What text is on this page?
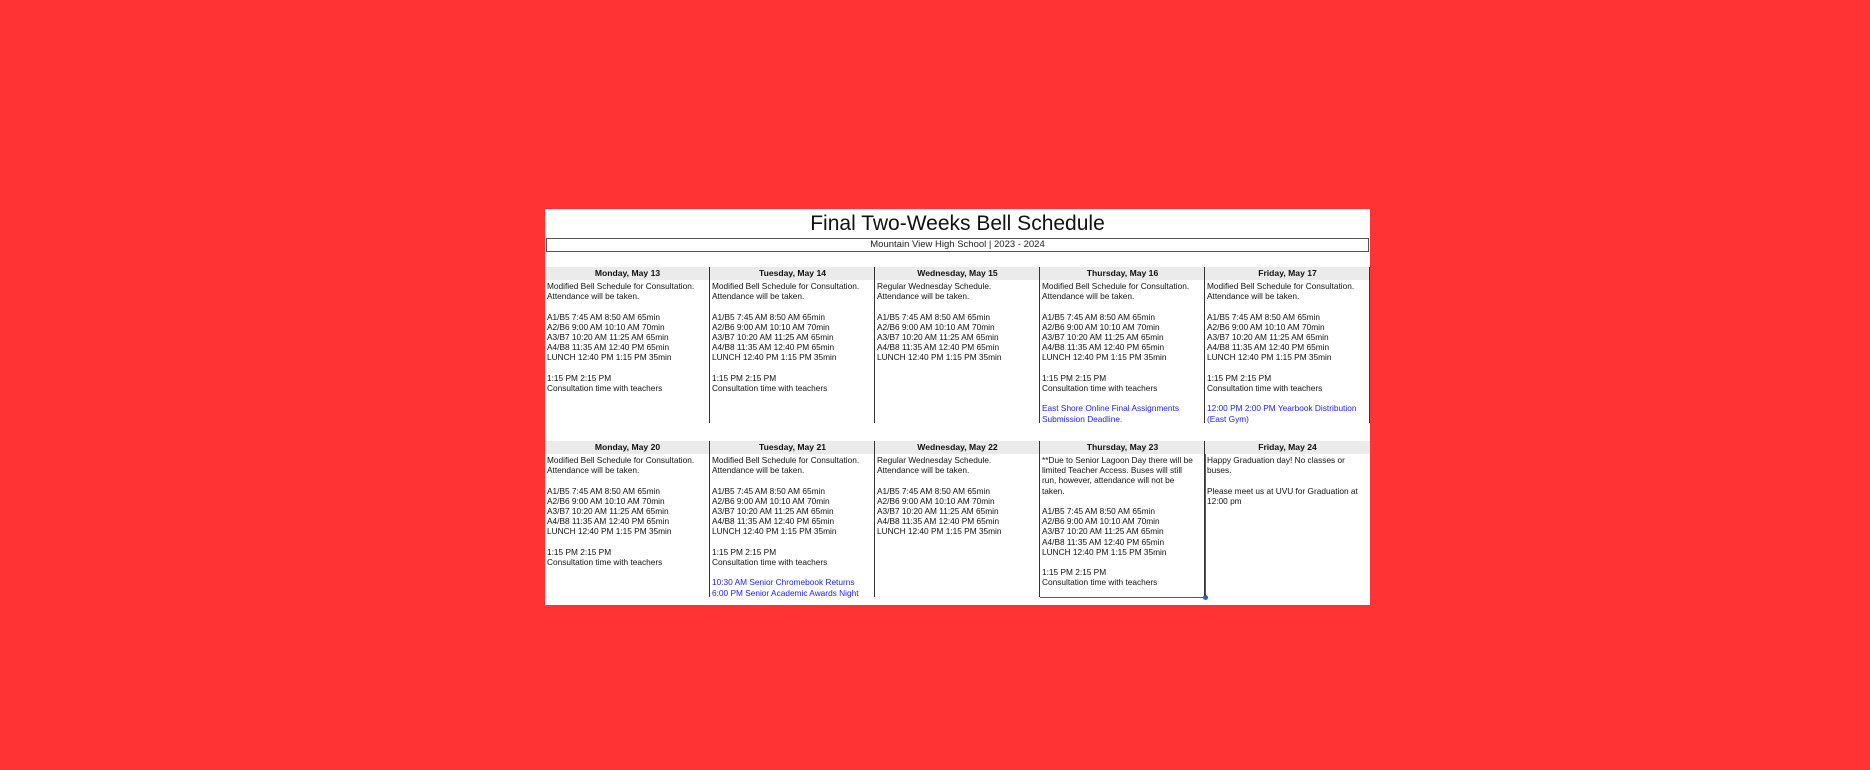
Final Two-Weeks Bell Schedule
Mountain View High School | 2023 - 2024
Monday, May 13
Modified Bell Schedule for Consultation.
Attendance will be taken.
A1/B5 7:45 AM 8:50 AM 65min
A2/B6 9:00 AM 10:10 AM 70min
A3/B7 10:20 AM 11:25 AM 65min
A4/B8 11:35 AM 12:40 PM 65min
LUNCH 12:40 PM 1:15 PM 35min
1:15 PM 2:15 PM
Consultation time with teachers
Tuesday, May 14
Modified Bell Schedule for Consultation.
Attendance will be taken.
A1/B5 7:45 AM 8:50 AM 65min
A2/B6 9:00 AM 10:10 AM 70min
A3/B7 10:20 AM 11:25 AM 65min
A4/B8 11:35 AM 12:40 PM 65min
LUNCH 12:40 PM 1:15 PM 35min
1:15 PM 2:15 PM
Consultation time with teachers
Wednesday, May 15
Regular Wednesday Schedule.
Attendance will be taken.
A1/B5 7:45 AM 8:50 AM 65min
A2/B6 9:00 AM 10:10 AM 70min
A3/B7 10:20 AM 11:25 AM 65min
A4/B8 11:35 AM 12:40 PM 65min
LUNCH 12:40 PM 1:15 PM 35min
Thursday, May 16
Modified Bell Schedule for Consultation.
Attendance will be taken.
A1/B5 7:45 AM 8:50 AM 65min
A2/B6 9:00 AM 10:10 AM 70min
A3/B7 10:20 AM 11:25 AM 65min
A4/B8 11:35 AM 12:40 PM 65min
LUNCH 12:40 PM 1:15 PM 35min
1:15 PM 2:15 PM
Consultation time with teachers
East Shore Online Final Assignments
Submission Deadline.
Friday, May 17
Modified Bell Schedule for Consultation.
Attendance will be taken.
A1/B5 7:45 AM 8:50 AM 65min
A2/B6 9:00 AM 10:10 AM 70min
A3/B7 10:20 AM 11:25 AM 65min
A4/B8 11:35 AM 12:40 PM 65min
LUNCH 12:40 PM 1:15 PM 35min
1:15 PM 2:15 PM
Consultation time with teachers
12:00 PM 2:00 PM Yearbook Distribution
(East Gym)
Monday, May 20
Modified Bell Schedule for Consultation.
Attendance will be taken.
A1/B5 7:45 AM 8:50 AM 65min
A2/B6 9:00 AM 10:10 AM 70min
A3/B7 10:20 AM 11:25 AM 65min
A4/B8 11:35 AM 12:40 PM 65min
LUNCH 12:40 PM 1:15 PM 35min
1:15 PM 2:15 PM
Consultation time with teachers
Tuesday, May 21
Modified Bell Schedule for Consultation.
Attendance will be taken.
A1/B5 7:45 AM 8:50 AM 65min
A2/B6 9:00 AM 10:10 AM 70min
A3/B7 10:20 AM 11:25 AM 65min
A4/B8 11:35 AM 12:40 PM 65min
LUNCH 12:40 PM 1:15 PM 35min
1:15 PM 2:15 PM
Consultation time with teachers
10:30 AM Senior Chromebook Returns
6:00 PM Senior Academic Awards Night
Wednesday, May 22
Regular Wednesday Schedule.
Attendance will be taken.
A1/B5 7:45 AM 8:50 AM 65min
A2/B6 9:00 AM 10:10 AM 70min
A3/B7 10:20 AM 11:25 AM 65min
A4/B8 11:35 AM 12:40 PM 65min
LUNCH 12:40 PM 1:15 PM 35min
Thursday, May 23
**Due to Senior Lagoon Day there will be
limited Teacher Access. Buses will still
run, however, attendance will not be
taken.
A1/B5 7:45 AM 8:50 AM 65min
A2/B6 9:00 AM 10:10 AM 70min
A3/B7 10:20 AM 11:25 AM 65min
A4/B8 11:35 AM 12:40 PM 65min
LUNCH 12:40 PM 1:15 PM 35min
1:15 PM 2:15 PM
Consultation time with teachers
Friday, May 24
Happy Graduation day! No classes or
buses.
Please meet us at UVU for Graduation at
12:00 pm
